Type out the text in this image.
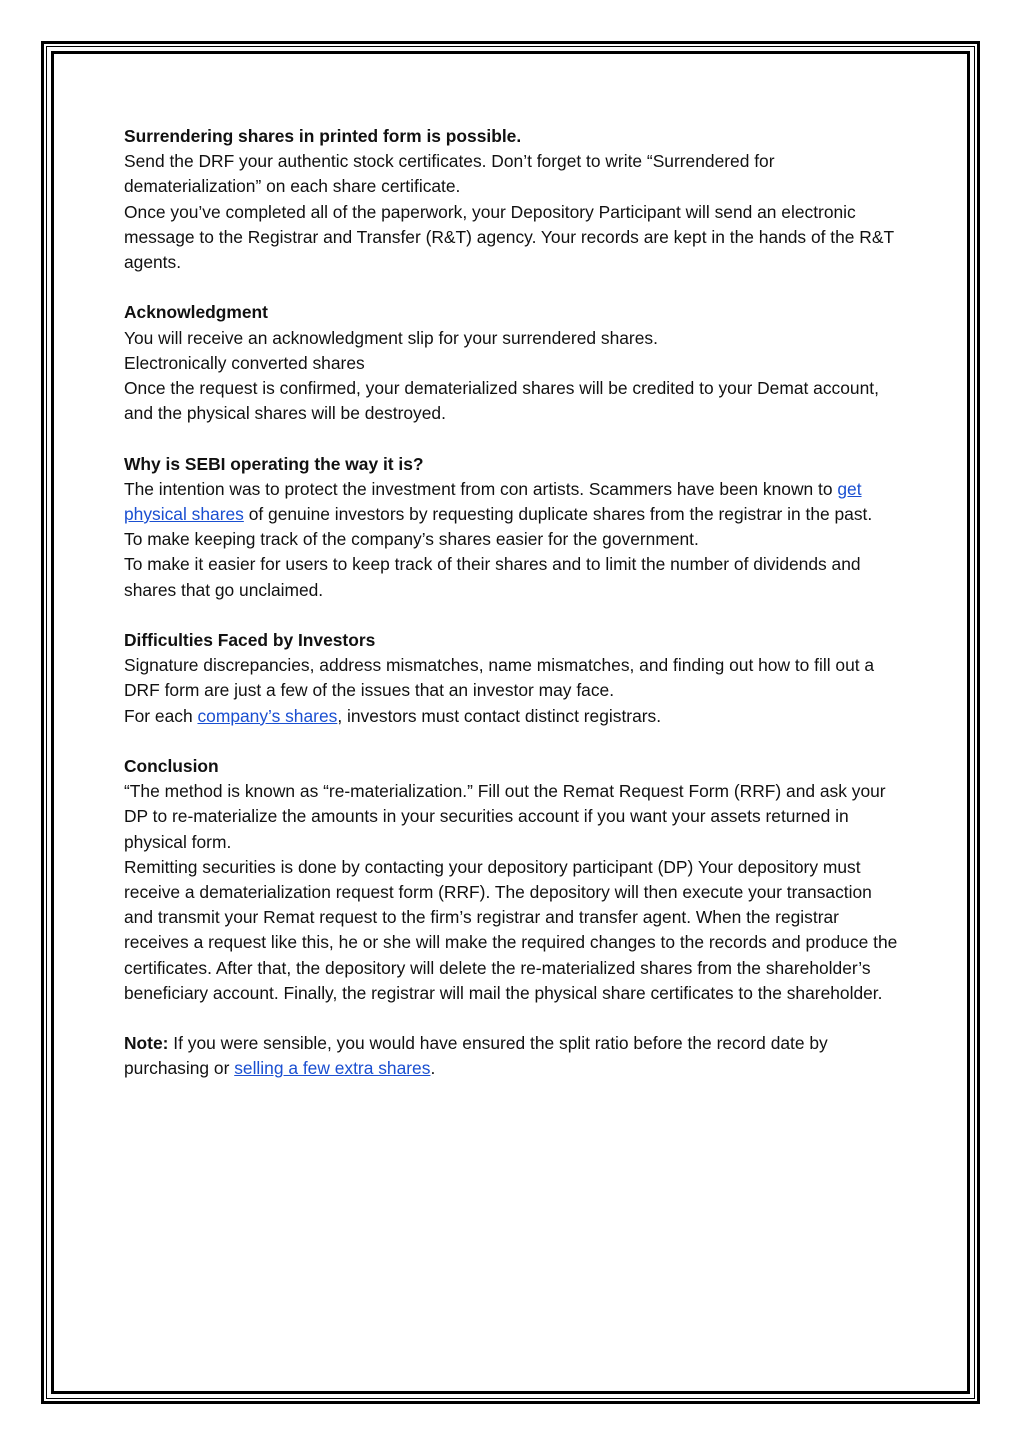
Surrendering shares in printed form is possible.

Send the DRF your authentic stock certificates. Don’t forget to write “Surrendered for dematerialization” on each share certificate.

Once you’ve completed all of the paperwork, your Depository Participant will send an electronic message to the Registrar and Transfer (R&T) agency. Your records are kept in the hands of the R&T agents.

Acknowledgment

You will receive an acknowledgment slip for your surrendered shares.

Electronically converted shares

Once the request is confirmed, your dematerialized shares will be credited to your Demat account, and the physical shares will be destroyed.

Why is SEBI operating the way it is?

The intention was to protect the investment from con artists. Scammers have been known to get physical shares of genuine investors by requesting duplicate shares from the registrar in the past.

To make keeping track of the company’s shares easier for the government.

To make it easier for users to keep track of their shares and to limit the number of dividends and shares that go unclaimed.

Difficulties Faced by Investors

Signature discrepancies, address mismatches, name mismatches, and finding out how to fill out a DRF form are just a few of the issues that an investor may face.

For each company’s shares, investors must contact distinct registrars.

Conclusion

“The method is known as “re-materialization.” Fill out the Remat Request Form (RRF) and ask your DP to re-materialize the amounts in your securities account if you want your assets returned in physical form.

Remitting securities is done by contacting your depository participant (DP) Your depository must receive a dematerialization request form (RRF). The depository will then execute your transaction and transmit your Remat request to the firm’s registrar and transfer agent. When the registrar receives a request like this, he or she will make the required changes to the records and produce the certificates. After that, the depository will delete the re-materialized shares from the shareholder’s beneficiary account. Finally, the registrar will mail the physical share certificates to the shareholder.

Note: If you were sensible, you would have ensured the split ratio before the record date by purchasing or selling a few extra shares.
